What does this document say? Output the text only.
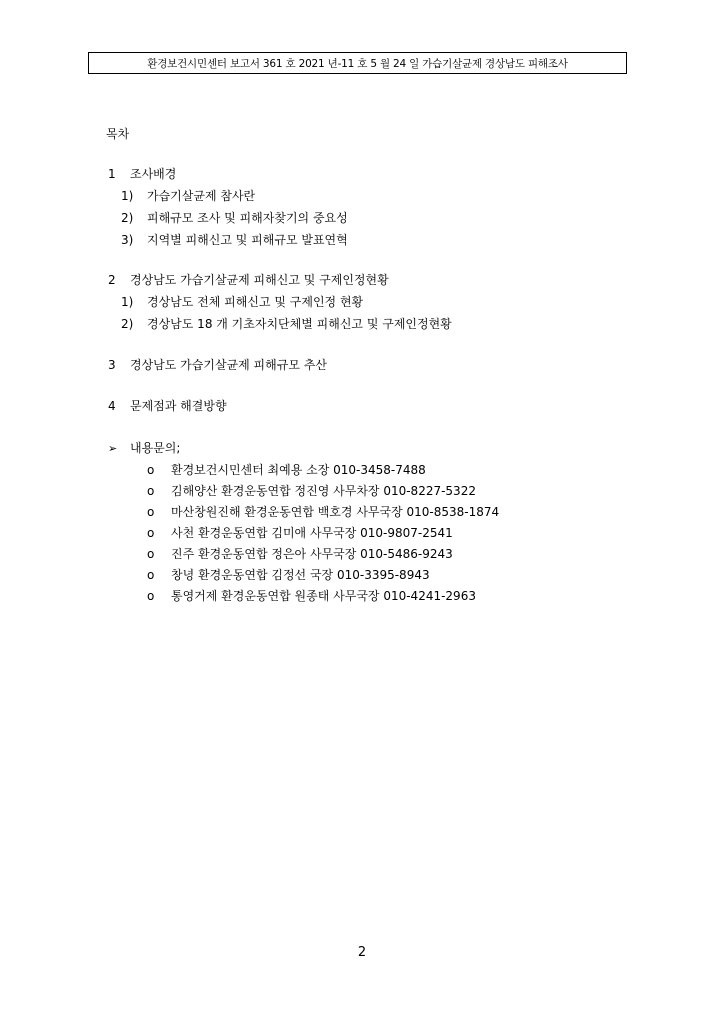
환경보건시민센터 보고서 361 호 2021 년-11 호 5 월 24 일 가습기살균제 경상남도 피해조사
목차
1 조사배경
1) 가습기살균제 참사란
2) 피해규모 조사 및 피해자찾기의 중요성
3) 지역별 피해신고 및 피해규모 발표연혁
2 경상남도 가습기살균제 피해신고 및 구제인정현황
1) 경상남도 전체 피해신고 및 구제인정 현황
2) 경상남도 18 개 기초자치단체별 피해신고 및 구제인정현황
3 경상남도 가습기살균제 피해규모 추산
4 문제점과 해결방향
➢ 내용문의;
o 환경보건시민센터 최예용 소장 010-3458-7488
o 김해양산 환경운동연합 정진영 사무차장 010-8227-5322
o 마산창원진해 환경운동연합 백호경 사무국장 010-8538-1874
o 사천 환경운동연합 김미애 사무국장 010-9807-2541
o 진주 환경운동연합 정은아 사무국장 010-5486-9243
o 창녕 환경운동연합 김정선 국장 010-3395-8943
o 통영거제 환경운동연합 원종태 사무국장 010-4241-2963
2
